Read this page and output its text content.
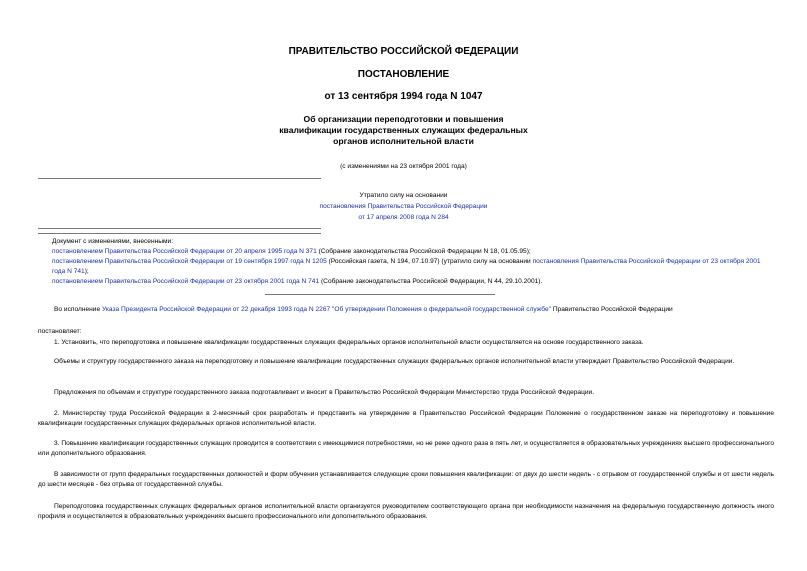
ПРАВИТЕЛЬСТВО РОССИЙСКОЙ ФЕДЕРАЦИИ
ПОСТАНОВЛЕНИЕ
от 13 сентября 1994 года N 1047
Об организации переподготовки и повышения
квалификации государственных служащих федеральных
органов исполнительной власти
(с изменениями на 23 октября 2001 года)
Утратило силу на основании
постановления Правительства Российской Федерации
от 17 апреля 2008 года N 284
Документ с изменениями, внесенными:
постановлением Правительства Российской Федерации от 20 апреля 1995 года N 371 (Собрание законодательства Российской Федерации N 18, 01.05.95);
постановлением Правительства Российской Федерации от 19 сентября 1997 года N 1205 (Российская газета, N 194, 07.10.97) (утратило силу на основании постановления Правительства Российской Федерации от 23 октября 2001 года N 741);
постановлением Правительства Российской Федерации от 23 октября 2001 года N 741 (Собрание законодательства Российской Федерации, N 44, 29.10.2001).
Во исполнение Указа Президента Российской Федерации от 22 декабря 1993 года N 2267 "Об утверждении Положения о федеральной государственной службе" Правительство Российской Федерации
постановляет:
1. Установить, что переподготовка и повышение квалификации государственных служащих федеральных органов исполнительной власти осуществляется на основе государственного заказа.
Объемы и структуру государственного заказа на переподготовку и повышение квалификации государственных служащих федеральных органов исполнительной власти утверждает Правительство Российской Федерации.
Предложения по объемам и структуре государственного заказа подготавливает и вносит в Правительство Российской Федерации Министерство труда Российской Федерации.
2. Министерству труда Российской Федерации в 2-месячный срок разработать и представить на утверждение в Правительство Российской Федерации Положение о государственном заказе на переподготовку и повышение квалификации государственных служащих федеральных органов исполнительной власти.
3. Повышение квалификации государственных служащих проводится в соответствии с имеющимися потребностями, но не реже одного раза в пять лет, и осуществляется в образовательных учреждениях высшего профессионального или дополнительного образования.
В зависимости от групп федеральных государственных должностей и форм обучения устанавливается следующие сроки повышения квалификации: от двух до шести недель - с отрывом от государственной службы и от шести недель до шести месяцев - без отрыва от государственной службы.
Переподготовка государственных служащих федеральных органов исполнительной власти организуется руководителем соответствующего органа при необходимости назначения на федеральную государственную должность иного профиля и осуществляется в образовательных учреждениях высшего профессионального или дополнительного образования.
